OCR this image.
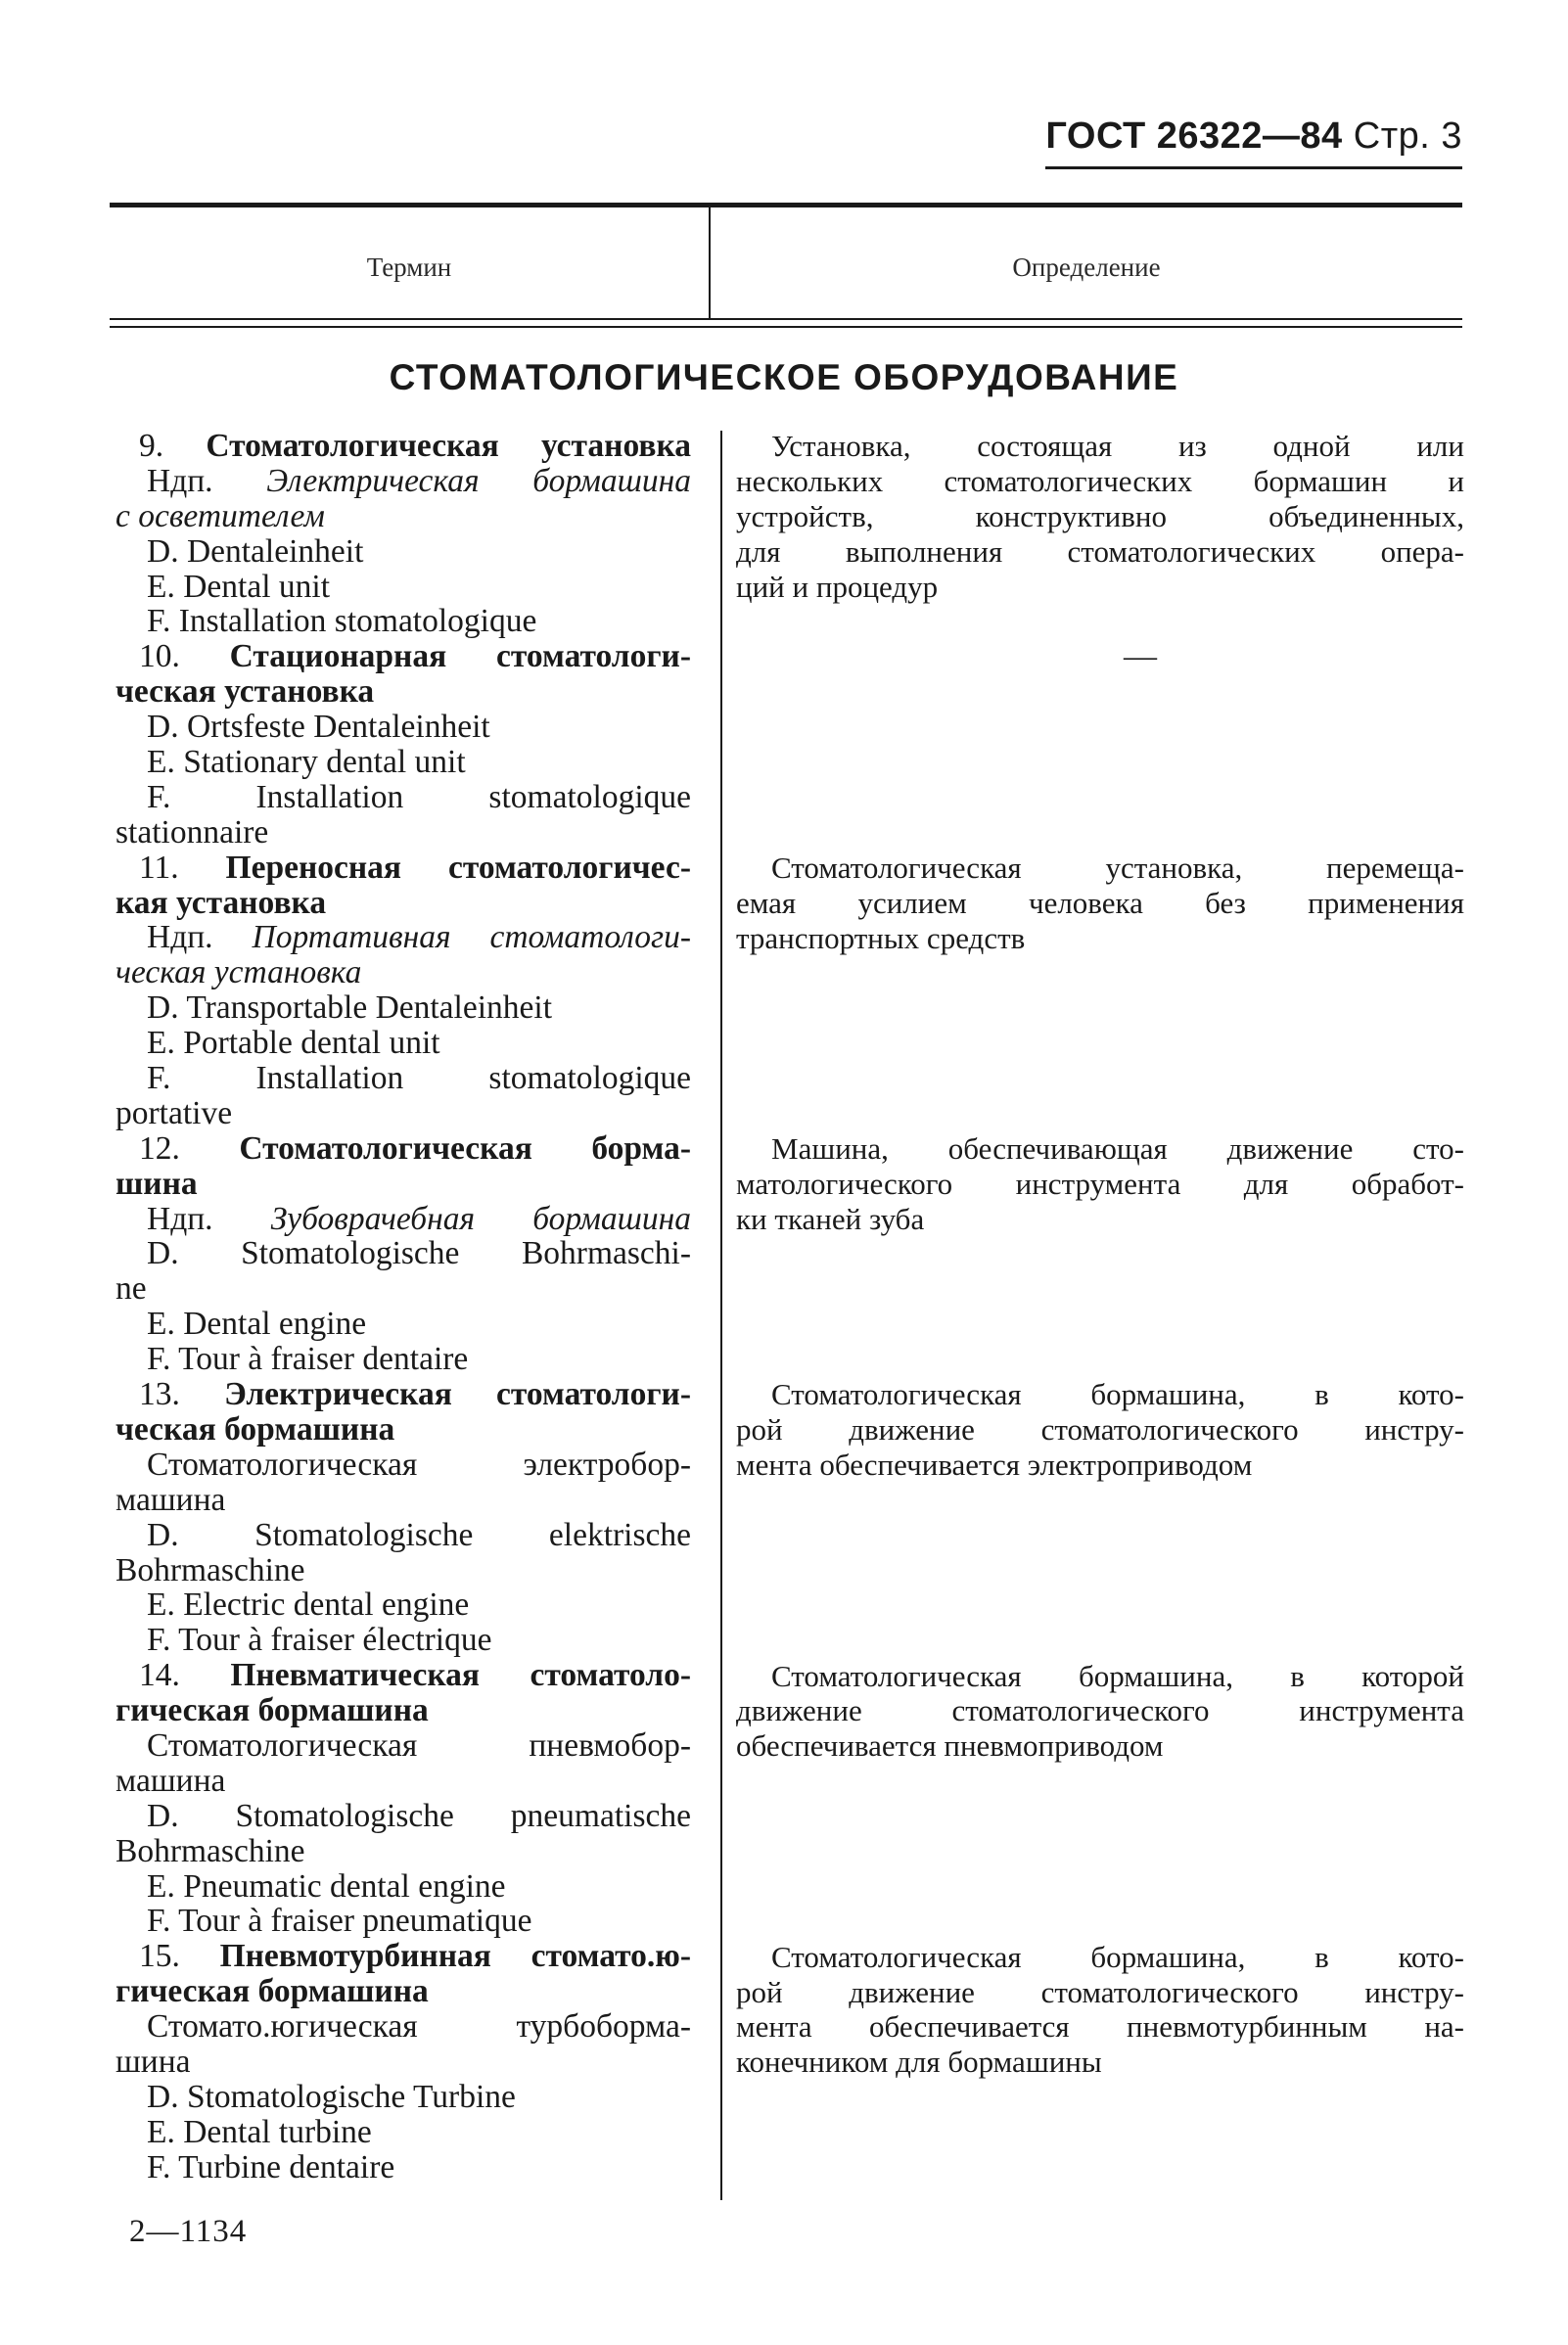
ГОСТ 26322—84 Стр. 3
Термин	Определение
СТОМАТОЛОГИЧЕСКОЕ ОБОРУДОВАНИЕ
9. Стоматологическая установка
Ндп. Электрическая бормашина
с осветителем
D. Dentaleinheit
E. Dental unit
F. Installation stomatologique
10. Стационарная стоматологи-
ческая установка
D. Ortsfeste Dentaleinheit
E. Stationary dental unit
F. Installation stomatologique
stationnaire
11. Переносная стоматологичес-
кая установка
Ндп. Портативная стоматологи-
ческая установка
D. Transportable Dentaleinheit
E. Portable dental unit
F. Installation stomatologique
portative
12. Стоматологическая борма-
шина
Ндп. Зубоврачебная бормашина
D. Stomatologische Bohrmaschi-
ne
E. Dental engine
F. Tour à fraiser dentaire
13. Электрическая стоматологи-
ческая бормашина
Стоматологическая электробор-
машина
D. Stomatologische elektrische
Bohrmaschine
E. Electric dental engine
F. Tour à fraiser électrique
14. Пневматическая стоматоло-
гическая бормашина
Стоматологическая пневмобор-
машина
D. Stomatologische pneumatische
Bohrmaschine
E. Pneumatic dental engine
F. Tour à fraiser pneumatique
15. Пневмотурбинная стомато.ю-
гическая бормашина
Стомато.югическая турбоборма-
шина
D. Stomatologische Turbine
E. Dental turbine
F. Turbine dentaire
Установка, состоящая из одной или
нескольких стоматологических бормашин и
устройств, конструктивно объединенных,
для выполнения стоматологических опера-
ций и процедур
Стоматологическая установка, перемеща-
емая усилием человека без применения
транспортных средств
Машина, обеспечивающая движение сто-
матологического инструмента для обработ-
ки тканей зуба
Стоматологическая бормашина, в кото-
рой движение стоматологического инстру-
мента обеспечивается электроприводом
Стоматологическая бормашина, в которой
движение стоматологического инструмента
обеспечивается пневмоприводом
Стоматологическая бормашина, в кото-
рой движение стоматологического инстру-
мента обеспечивается пневмотурбинным на-
конечником для бормашины
—
2—1134
